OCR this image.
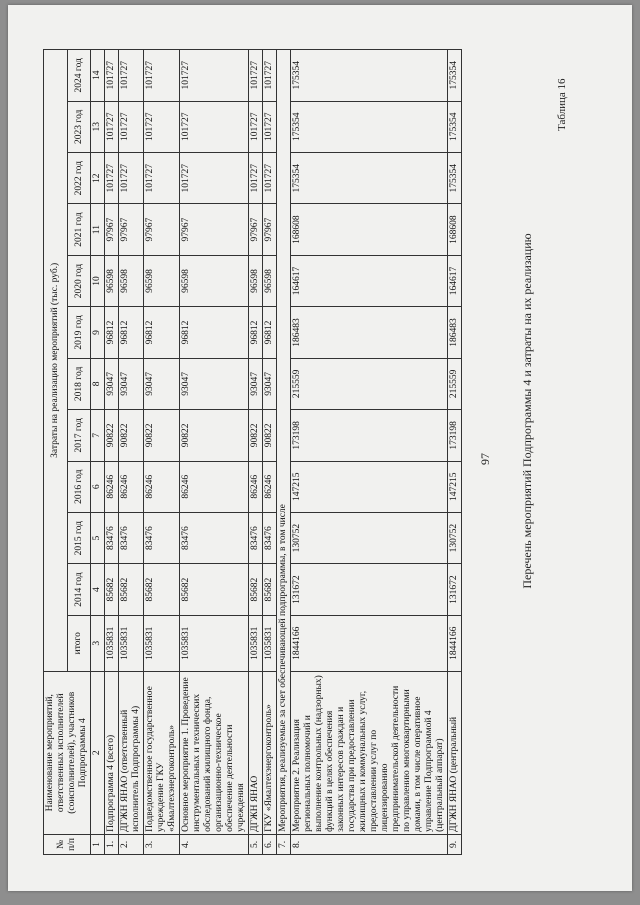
97
Таблица 16
Перечень мероприятий Подпрограммы 4 и затраты на их реализацию
№ п/п	Наименование мероприятий, ответственных исполнителей (соисполнителей), участников Подпрограммы 4	Затраты на реализацию мероприятий (тыс. руб.)											
		итого	2014 год	2015 год	2016 год	2017 год	2018 год	2019 год	2020 год	2021 год	2022 год	2023 год	2024 год
1	2	3	4	5	6	7	8	9	10	11	12	13	14
1.	Подпрограмма 4 (всего)	1035831	85682	83476	86246	90822	93047	96812	96598	97967	101727	101727	101727
2.	ДГЖН ЯНАО (ответственный исполнитель Подпрограммы 4)	1035831	85682	83476	86246	90822	93047	96812	96598	97967	101727	101727	101727
3.	Подведомственное государственное учреждение ГКУ «Ямалтехэнергоконтроль»	1035831	85682	83476	86246	90822	93047	96812	96598	97967	101727	101727	101727
4.	Основное мероприятие 1. Проведение инструментальных и технических обследований жилищного фонда, организационно-техническое обеспечение деятельности учреждения	1035831	85682	83476	86246	90822	93047	96812	96598	97967	101727	101727	101727
5.	ДГЖН ЯНАО	1035831	85682	83476	86246	90822	93047	96812	96598	97967	101727	101727	101727
6.	ГКУ «Ямалтехэнергоконтроль»	1035831	85682	83476	86246	90822	93047	96812	96598	97967	101727	101727	101727
7.	Мероприятия, реализуемые за счет обеспечивающей подпрограммы, в том числе												
8.	Мероприятие 2. Реализация региональных полномочий и выполнение контрольных (надзорных) функций в целях обеспечения законных интересов граждан и государства при предоставлении жилищных и коммунальных услуг, предоставлении услуг по лицензированию предпринимательской деятельности по управлению многоквартирными домами, в том числе оперативное управление Подпрограммой 4 (центральный аппарат)	1844166	131672	130752	147215	173198	215559	186483	164617	168608	175354	175354	175354
9.	ДГЖН ЯНАО (центральный	1844166	131672	130752	147215	173198	215559	186483	164617	168608	175354	175354	175354
